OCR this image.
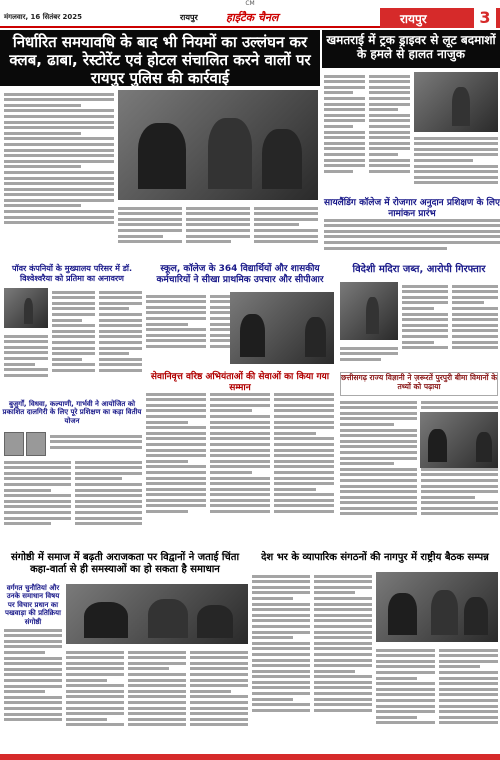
CM
मंगलवार, 16 सितंबर 2025	रायपुर	हाईटैक चैनल	रायपुर	3
निर्धारित समयावधि के बाद भी नियमों का उल्लंघन कर क्लब, ढाबा, रेस्टोरेंट एवं होटल संचालित करने वालों पर रायपुर पुलिस की कार्रवाई
खमतराई में ट्रक ड्राइवर से लूट बदमाशों के हमले से हालत नाजुक
सायलैंडिंग कॉलेज में रोजगार अनुदान प्रशिक्षण के लिए नामांकन प्रारंभ
पॉवर कंपनियों के मुख्यालय परिसर में डॉ. विश्वेश्वरैया को प्रतिमा का अनावरण
स्कूल, कॉलेज के 364 विद्यार्थियों और शासकीय कर्मचारियों ने सीखा प्राथमिक उपचार और सीपीआर
विदेशी मदिरा जब्त, आरोपी गिरफ्तार
बुजुर्गों, विधवा, कल्याणी, गार्भवी ने आयोजित को प्रकाशित दालगिरी के लिए पूरे प्रशिक्षण का कड़ा वितीय योजन
सेवानिवृत्त वरिष्ठ अभियंताओं की सेवाओं का किया गया सम्मान
छत्तीसगढ़ राज्य विज्ञानी ने ज़रूरतें पुरपुरी बीमा विमानों के तथ्यों को पढ़ाया
संगोष्ठी में समाज में बढ़ती अराजकता पर विद्वानों ने जताई चिंता कहा-वार्ता से ही समस्याओं का हो सकता है समाधान
वर्गगत चुनौतियां और उनके समाधान विषय पर विचार प्रधान का पखवाड़ा की प्रतिक्रिया संगोष्ठी
देश भर के व्यापारिक संगठनों की नागपुर में राष्ट्रीय बैठक सम्पन्न
